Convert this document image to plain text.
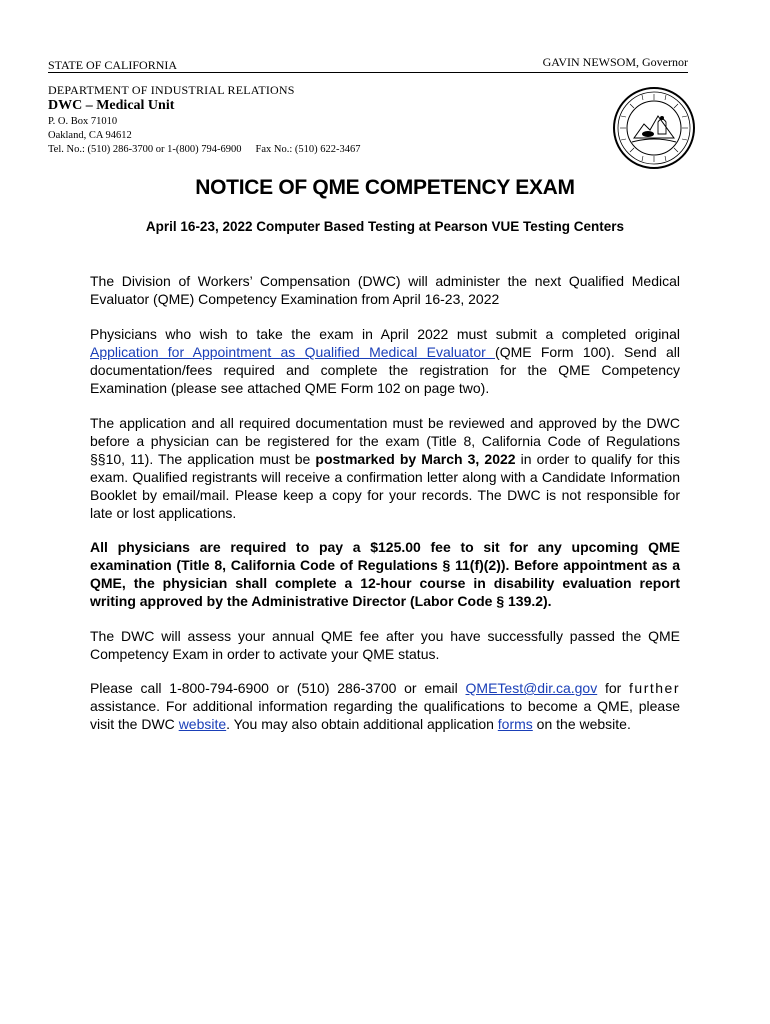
STATE OF CALIFORNIA	GAVIN NEWSOM, Governor
DEPARTMENT OF INDUSTRIAL RELATIONS
DWC – Medical Unit
P. O. Box 71010
Oakland, CA 94612
Tel. No.: (510) 286-3700 or 1-(800) 794-6900 Fax No.: (510) 622-3467
NOTICE OF QME COMPETENCY EXAM
April 16-23, 2022 Computer Based Testing at Pearson VUE Testing Centers
The Division of Workers’ Compensation (DWC) will administer the next Qualified Medical Evaluator (QME) Competency Examination from April 16-23, 2022
Physicians who wish to take the exam in April 2022 must submit a completed original Application for Appointment as Qualified Medical Evaluator (QME Form 100). Send all documentation/fees required and complete the registration for the QME Competency Examination (please see attached QME Form 102 on page two).
The application and all required documentation must be reviewed and approved by the DWC before a physician can be registered for the exam (Title 8, California Code of Regulations §§10, 11). The application must be postmarked by March 3, 2022 in order to qualify for this exam. Qualified registrants will receive a confirmation letter along with a Candidate Information Booklet by email/mail. Please keep a copy for your records. The DWC is not responsible for late or lost applications.
All physicians are required to pay a $125.00 fee to sit for any upcoming QME examination (Title 8, California Code of Regulations § 11(f)(2)). Before appointment as a QME, the physician shall complete a 12-hour course in disability evaluation report writing approved by the Administrative Director (Labor Code § 139.2).
The DWC will assess your annual QME fee after you have successfully passed the QME Competency Exam in order to activate your QME status.
Please call 1-800-794-6900 or (510) 286-3700 or email QMETest@dir.ca.gov for further assistance. For additional information regarding the qualifications to become a QME, please visit the DWC website. You may also obtain additional application forms on the website.
